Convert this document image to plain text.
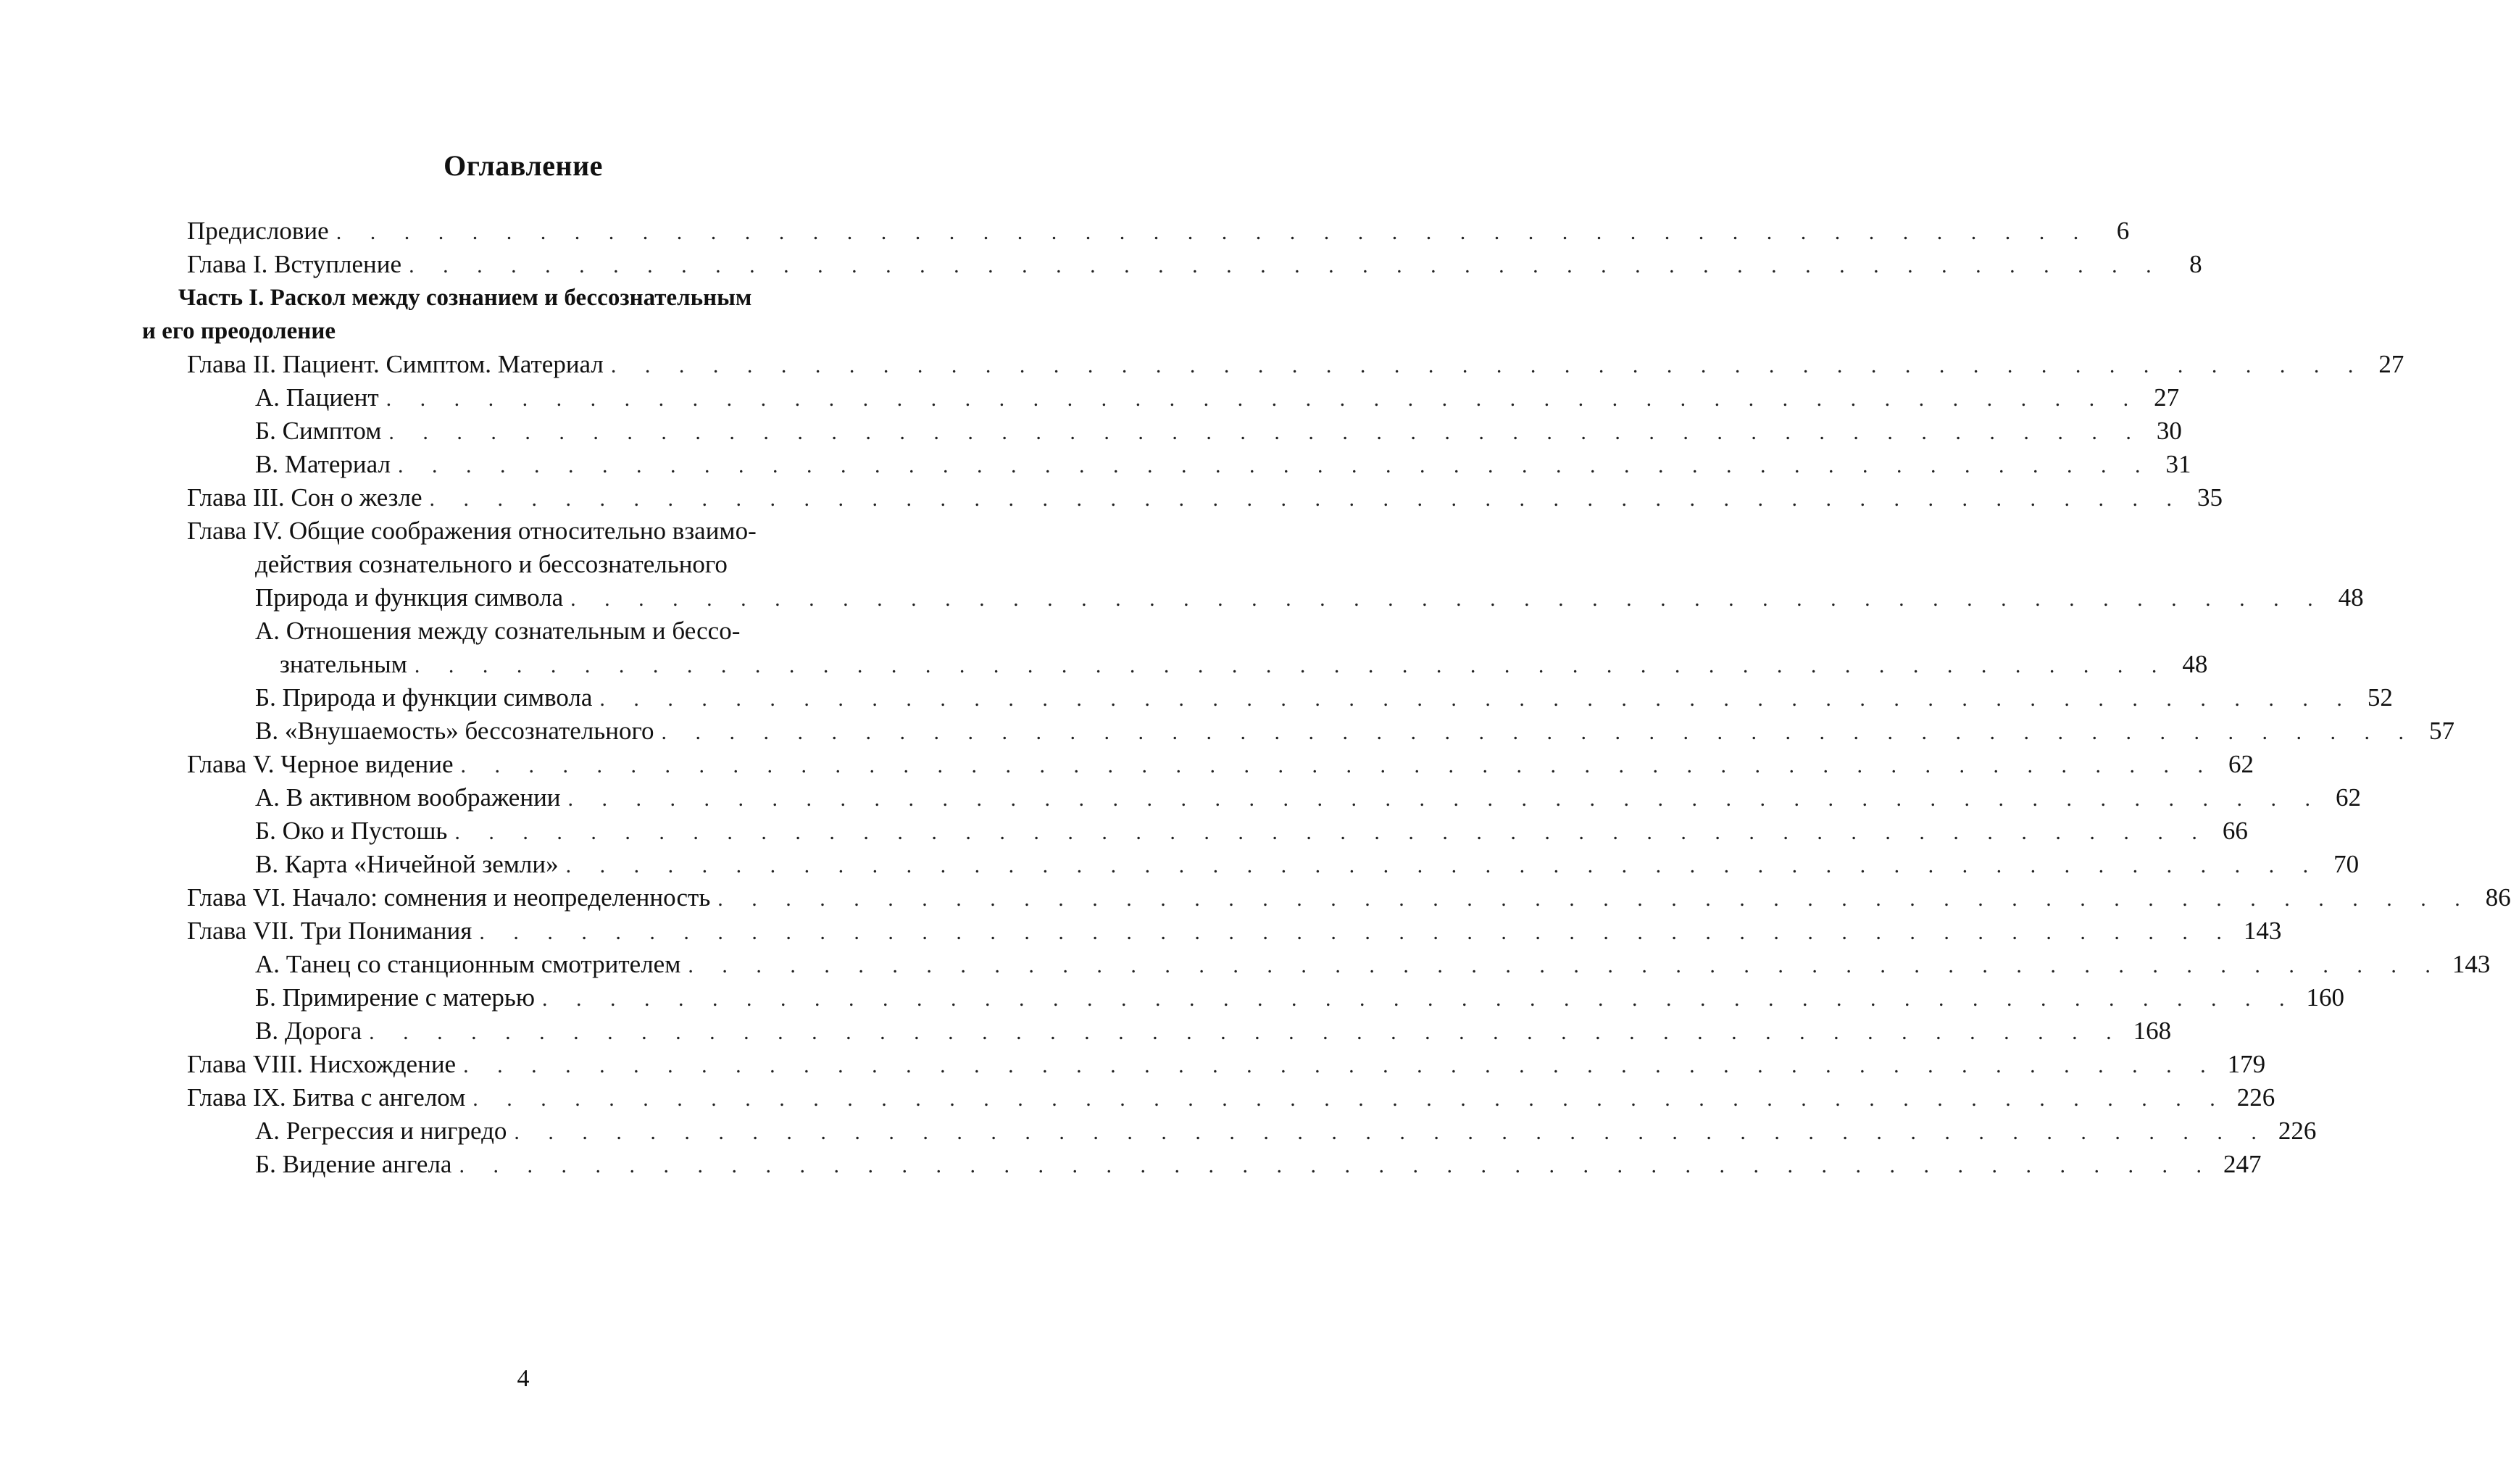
Оглавление
Предисловие . . . . . . . . . . . . . . . . . . . . . . . . . . . . . . . . . . . . . . . . . . . . . . . . . . . .	6
Глава I. Вступление . . . . . . . . . . . . . . . . . . . . . . . . . . . . . . . . . . . . . . . . . . . . . . . . . . . .	8
Часть I. Раскол между сознанием и бессознательным
и его преодоление
Глава II. Пациент. Симптом. Материал . . . . . . . . . . . . . . . . . . . . . . . . . . . . . . . . . . . . . . . . . . . . . . . . . . . . 27
А. Пациент . . . . . . . . . . . . . . . . . . . . . . . . . . . . . . . . . . . . . . . . . . . . . . . . . . . . 27
Б. Симптом . . . . . . . . . . . . . . . . . . . . . . . . . . . . . . . . . . . . . . . . . . . . . . . . . . . . 30
В. Материал . . . . . . . . . . . . . . . . . . . . . . . . . . . . . . . . . . . . . . . . . . . . . . . . . . . . 31
Глава III. Сон о жезле . . . . . . . . . . . . . . . . . . . . . . . . . . . . . . . . . . . . . . . . . . . . . . . . . . . . 35
Глава IV. Общие соображения относительно взаимо-
действия сознательного и бессознательного
Природа и функция символа . . . . . . . . . . . . . . . . . . . . . . . . . . . . . . . . . . . . . . . . . . . . . . . . . . . . 48
А. Отношения между сознательным и бессо-
знательным . . . . . . . . . . . . . . . . . . . . . . . . . . . . . . . . . . . . . . . . . . . . . . . . . . . . 48
Б. Природа и функции символа . . . . . . . . . . . . . . . . . . . . . . . . . . . . . . . . . . . . . . . . . . . . . . . . . . . . 52
В. «Внушаемость» бессознательного . . . . . . . . . . . . . . . . . . . . . . . . . . . . . . . . . . . . . . . . . . . . . . . . . . . . 57
Глава V. Черное видение . . . . . . . . . . . . . . . . . . . . . . . . . . . . . . . . . . . . . . . . . . . . . . . . . . . . 62
А. В активном воображении . . . . . . . . . . . . . . . . . . . . . . . . . . . . . . . . . . . . . . . . . . . . . . . . . . . . 62
Б. Око и Пустошь . . . . . . . . . . . . . . . . . . . . . . . . . . . . . . . . . . . . . . . . . . . . . . . . . . . . 66
В. Карта «Ничейной земли» . . . . . . . . . . . . . . . . . . . . . . . . . . . . . . . . . . . . . . . . . . . . . . . . . . . . 70
Глава VI. Начало: сомнения и неопределенность . . . . . . . . . . . . . . . . . . . . . . . . . . . . . . . . . . . . . . . . . . . . . . . . . . . . 86
Глава VII. Три Понимания . . . . . . . . . . . . . . . . . . . . . . . . . . . . . . . . . . . . . . . . . . . . . . . . . . . . 143
А. Танец со станционным смотрителем . . . . . . . . . . . . . . . . . . . . . . . . . . . . . . . . . . . . . . . . . . . . . . . . . . . . 143
Б. Примирение с матерью . . . . . . . . . . . . . . . . . . . . . . . . . . . . . . . . . . . . . . . . . . . . . . . . . . . . 160
В. Дорога . . . . . . . . . . . . . . . . . . . . . . . . . . . . . . . . . . . . . . . . . . . . . . . . . . . . 168
Глава VIII. Нисхождение . . . . . . . . . . . . . . . . . . . . . . . . . . . . . . . . . . . . . . . . . . . . . . . . . . . . 179
Глава IX. Битва с ангелом . . . . . . . . . . . . . . . . . . . . . . . . . . . . . . . . . . . . . . . . . . . . . . . . . . . . 226
А. Регрессия и нигредо . . . . . . . . . . . . . . . . . . . . . . . . . . . . . . . . . . . . . . . . . . . . . . . . . . . . 226
Б. Видение ангела . . . . . . . . . . . . . . . . . . . . . . . . . . . . . . . . . . . . . . . . . . . . . . . . . . . . 247
4
